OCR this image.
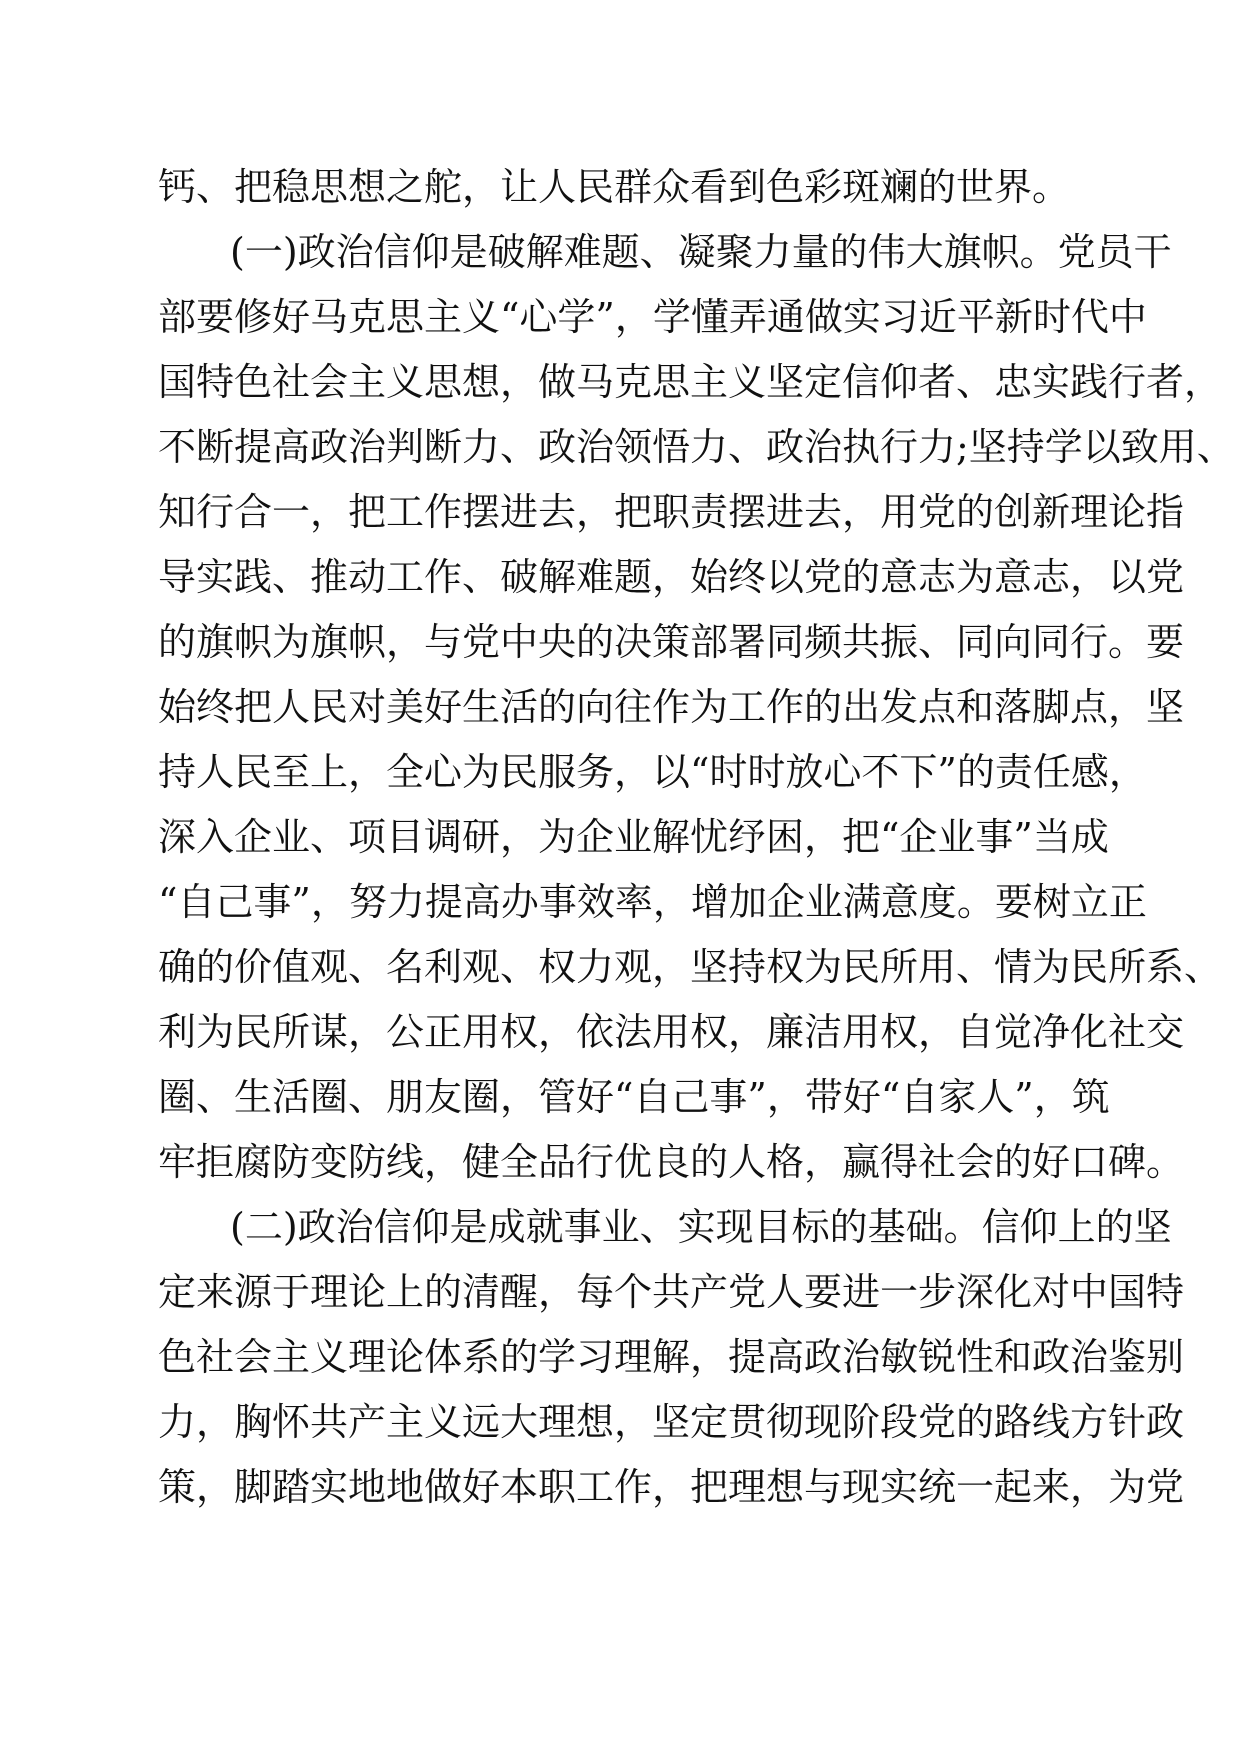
钙、把稳思想之舵，让人民群众看到色彩斑斓的世界。
(一)政治信仰是破解难题、凝聚力量的伟大旗帜。党员干
部要修好马克思主义“心学”，学懂弄通做实习近平新时代中
国特色社会主义思想，做马克思主义坚定信仰者、忠实践行者，
不断提高政治判断力、政治领悟力、政治执行力;坚持学以致用、
知行合一，把工作摆进去，把职责摆进去，用党的创新理论指
导实践、推动工作、破解难题，始终以党的意志为意志，以党
的旗帜为旗帜，与党中央的决策部署同频共振、同向同行。要
始终把人民对美好生活的向往作为工作的出发点和落脚点，坚
持人民至上，全心为民服务，以“时时放心不下”的责任感，
深入企业、项目调研，为企业解忧纾困，把“企业事”当成
“自己事”，努力提高办事效率，增加企业满意度。要树立正
确的价值观、名利观、权力观，坚持权为民所用、情为民所系、
利为民所谋，公正用权，依法用权，廉洁用权，自觉净化社交
圈、生活圈、朋友圈，管好“自己事”，带好“自家人”，筑
牢拒腐防变防线，健全品行优良的人格，赢得社会的好口碑。
(二)政治信仰是成就事业、实现目标的基础。信仰上的坚
定来源于理论上的清醒，每个共产党人要进一步深化对中国特
色社会主义理论体系的学习理解，提高政治敏锐性和政治鉴别
力，胸怀共产主义远大理想，坚定贯彻现阶段党的路线方针政
策，脚踏实地地做好本职工作，把理想与现实统一起来，为党
